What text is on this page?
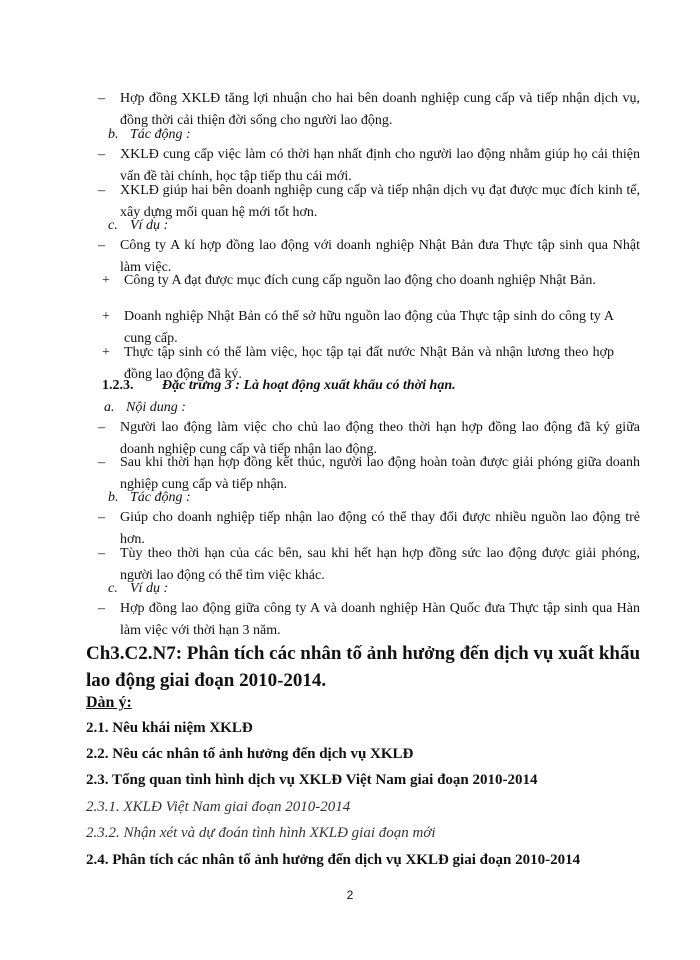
– Hợp đồng XKLĐ tăng lợi nhuận cho hai bên doanh nghiệp cung cấp và tiếp nhận dịch vụ, đồng thời cải thiện đời sống cho người lao động.
b. Tác động :
– XKLĐ cung cấp việc làm có thời hạn nhất định cho người lao động nhằm giúp họ cải thiện vấn đề tài chính, học tập tiếp thu cái mới.
– XKLĐ giúp hai bên doanh nghiệp cung cấp và tiếp nhận dịch vụ đạt được mục đích kinh tế, xây dựng mối quan hệ mới tốt hơn.
c. Ví dụ :
– Công ty A kí hợp đồng lao động với doanh nghiệp Nhật Bản đưa Thực tập sinh qua Nhật làm việc.
+ Công ty A đạt được mục đích cung cấp nguồn lao động cho doanh nghiệp Nhật Bản.
+ Doanh nghiệp Nhật Bản có thể sở hữu nguồn lao động của Thực tập sinh do công ty A cung cấp.
+ Thực tập sinh có thể làm việc, học tập tại đất nước Nhật Bản và nhận lương theo hợp đồng lao động đã ký.
1.2.3. Đặc trưng 3 : Là hoạt động xuất khẩu có thời hạn.
a. Nội dung :
– Người lao động làm việc cho chủ lao động theo thời hạn hợp đồng lao động đã ký giữa doanh nghiệp cung cấp và tiếp nhận lao động.
– Sau khi thời hạn hợp đồng kết thúc, người lao động hoàn toàn được giải phóng giữa doanh nghiệp cung cấp và tiếp nhận.
b. Tác động :
– Giúp cho doanh nghiệp tiếp nhận lao động có thể thay đổi được nhiều nguồn lao động trẻ hơn.
– Tùy theo thời hạn của các bên, sau khi hết hạn hợp đồng sức lao động được giải phóng, người lao động có thể tìm việc khác.
c. Ví dụ :
– Hợp đồng lao động giữa công ty A và doanh nghiệp Hàn Quốc đưa Thực tập sinh qua Hàn làm việc với thời hạn 3 năm.
Ch3.C2.N7: Phân tích các nhân tố ảnh hưởng đến dịch vụ xuất khẩu lao động giai đoạn 2010-2014.
Dàn ý:
2.1. Nêu khái niệm XKLĐ
2.2. Nêu các nhân tố ảnh hưởng đến dịch vụ XKLĐ
2.3. Tổng quan tình hình dịch vụ XKLĐ Việt Nam giai đoạn 2010-2014
2.3.1. XKLĐ Việt Nam giai đoạn 2010-2014
2.3.2. Nhận xét và dự đoán tình hình XKLĐ giai đoạn mới
2.4. Phân tích các nhân tố ảnh hưởng đến dịch vụ XKLĐ giai đoạn 2010-2014
2
